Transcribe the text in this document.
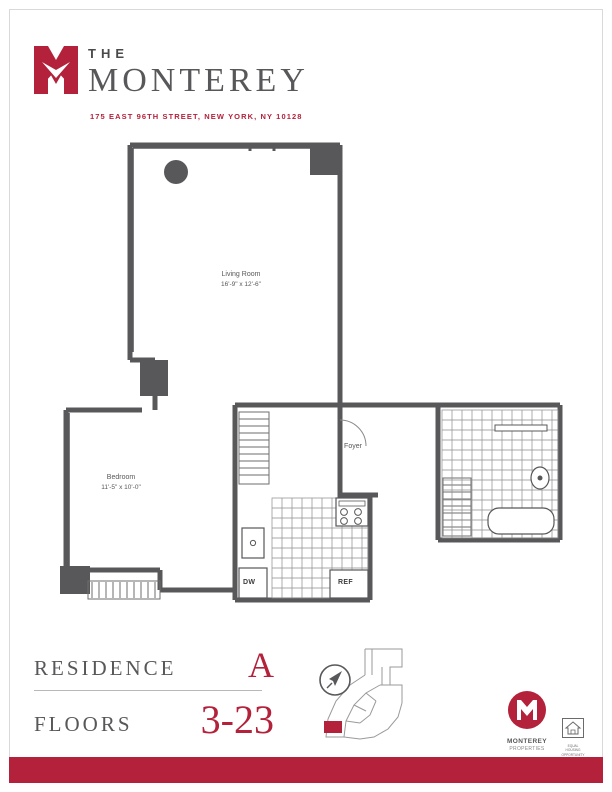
THE
MONTEREY
175 EAST 96TH STREET, NEW YORK, NY 10128
Living Room
16'-9" x 12'-6"
Bedroom
11'-5" x 10'-0"
Foyer
DW	REF
RESIDENCE A
FLOORS 3-23	MONTEREY
PROPERTIES	EQUAL HOUSING
OPPORTUNITY
